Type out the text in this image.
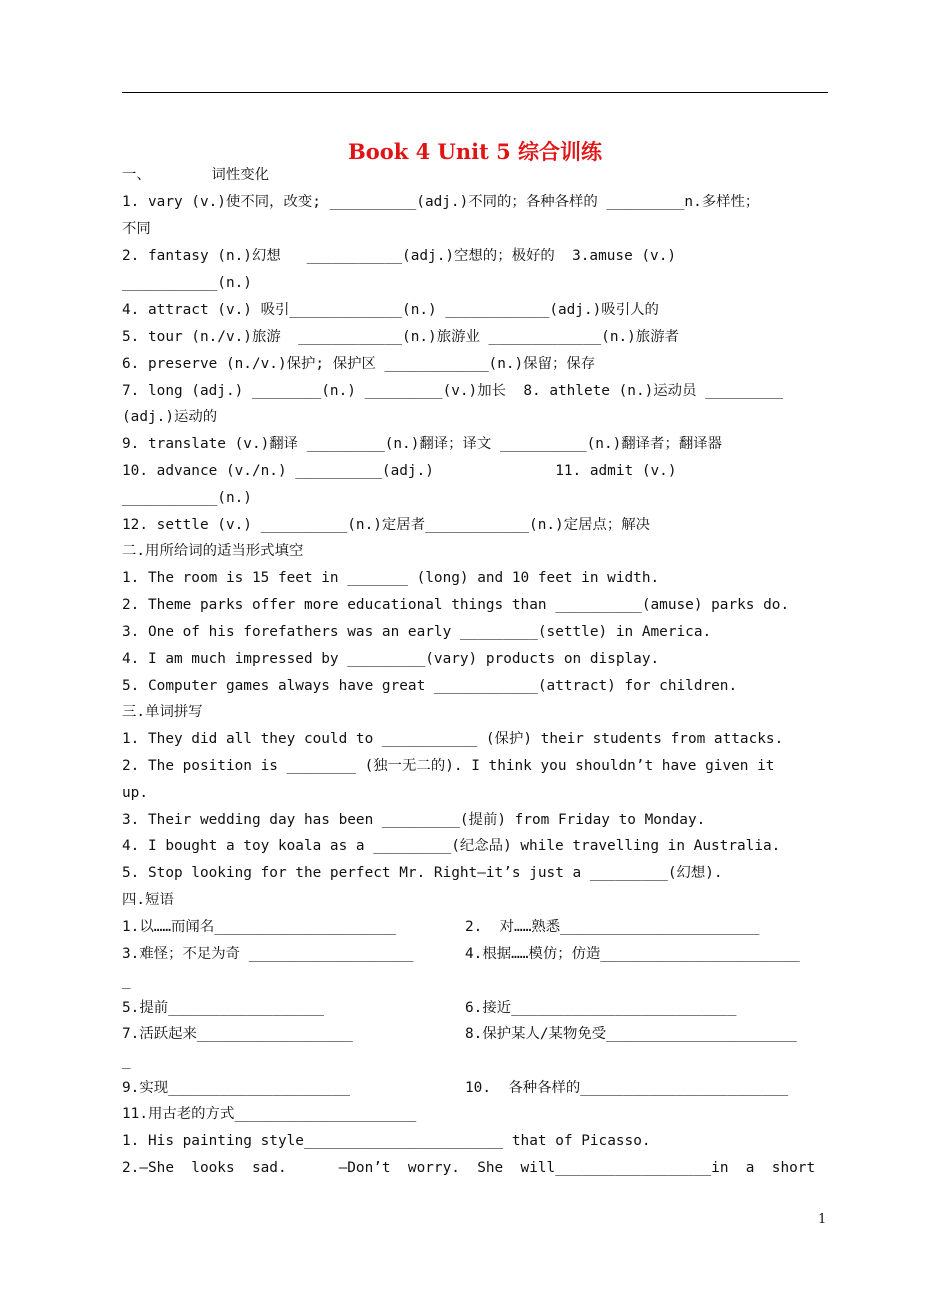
Book 4 Unit 5 综合训练
一、       词性变化
1. vary (v.)使不同，改变; __________(adj.)不同的；各种各样的 _________n.多样性；
不同
2. fantasy (n.)幻想   ___________(adj.)空想的；极好的  3.amuse (v.)
___________(n.)
4. attract (v.) 吸引_____________(n.) ____________(adj.)吸引人的
5. tour (n./v.)旅游  ____________(n.)旅游业 _____________(n.)旅游者
6. preserve (n./v.)保护; 保护区 ____________(n.)保留；保存
7. long (adj.) ________(n.) _________(v.)加长  8. athlete (n.)运动员 _________
(adj.)运动的
9. translate (v.)翻译 _________(n.)翻译；译文 __________(n.)翻译者；翻译器
10. advance (v./n.) __________(adj.)              11. admit (v.)
___________(n.)
12. settle (v.) __________(n.)定居者____________(n.)定居点；解决
二.用所给词的适当形式填空
1. The room is 15 feet in _______ (long) and 10 feet in width.
2. Theme parks offer more educational things than __________(amuse) parks do.
3. One of his forefathers was an early _________(settle) in America.
4. I am much impressed by _________(vary) products on display.
5. Computer games always have great ____________(attract) for children.
三.单词拼写
1. They did all they could to ___________ (保护) their students from attacks.
2. The position is ________ (独一无二的). I think you shouldn’t have given it
up.
3. Their wedding day has been _________(提前) from Friday to Monday.
4. I bought a toy koala as a _________(纪念品) while travelling in Australia.
5. Stop looking for the perfect Mr. Right—it’s just a _________(幻想).
四.短语
1.以……而闻名_____________________	2.  对……熟悉_______________________
3.难怪；不足为奇 ___________________	4.根据……模仿；仿造_______________________
_
5.提前__________________	6.接近__________________________
7.活跃起来__________________	8.保护某人/某物免受______________________
_
9.实现_____________________	10.  各种各样的________________________
11.用古老的方式_____________________
1. His painting style_______________________ that of Picasso.
2.—She  looks  sad.      —Don’t  worry.  She  will__________________in  a  short
1
